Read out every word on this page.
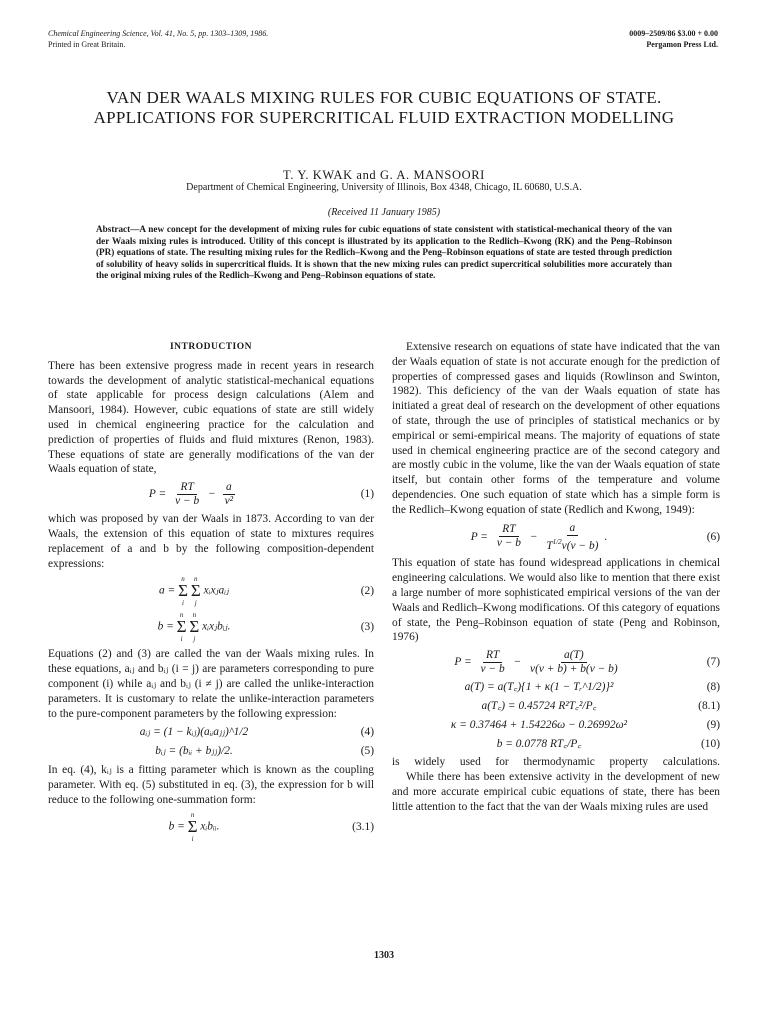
Chemical Engineering Science, Vol. 41, No. 5, pp. 1303–1309, 1986.
Printed in Great Britain.
0009–2509/86 $3.00 + 0.00
Pergamon Press Ltd.
VAN DER WAALS MIXING RULES FOR CUBIC EQUATIONS OF STATE. APPLICATIONS FOR SUPERCRITICAL FLUID EXTRACTION MODELLING
T. Y. KWAK and G. A. MANSOORI
Department of Chemical Engineering, University of Illinois, Box 4348, Chicago, IL 60680, U.S.A.
(Received 11 January 1985)
Abstract—A new concept for the development of mixing rules for cubic equations of state consistent with statistical-mechanical theory of the van der Waals mixing rules is introduced. Utility of this concept is illustrated by its application to the Redlich–Kwong (RK) and the Peng–Robinson (PR) equations of state. The resulting mixing rules for the Redlich–Kwong and the Peng–Robinson equations of state are tested through prediction of solubility of heavy solids in supercritical fluids. It is shown that the new mixing rules can predict supercritical solubilities more accurately than the original mixing rules of the Redlich–Kwong and Peng–Robinson equations of state.

INTRODUCTION

There has been extensive progress made in recent years in research towards the development of analytic statistical-mechanical equations of state applicable for process design calculations (Alem and Mansoori, 1984). However, cubic equations of state are still widely used in chemical engineering practice for the calculation and prediction of properties of fluids and fluid mixtures (Renon, 1983). These equations of state are generally modifications of the van der Waals equation of state,

$P = \frac{RT}{v - b} - \frac{a}{\text{v²}}$	(1)

which was proposed by van der Waals in 1873. According to van der Waals, the extension of this equation of state to mixtures requires replacement of a and b by the following composition-dependent expressions:

a =
n
Σ
i

n
Σ
j
xᵢxⱼaᵢⱼ	(2)
b =
n
Σ
i

n
Σ
j
xᵢxⱼbᵢⱼ.	(3)

Equations (2) and (3) are called the van der Waals mixing rules. In these equations, aᵢⱼ and bᵢⱼ (i = j) are parameters corresponding to pure component (i) while aᵢⱼ and bᵢⱼ (i ≠ j) are called the unlike-interaction parameters. It is customary to relate the unlike-interaction parameters to the pure-component parameters by the following expression:

aᵢⱼ = (1 − kᵢⱼ)(aᵢᵢaⱼⱼ)^1/2	(4)
bᵢⱼ = (bᵢᵢ + bⱼⱼ)/2.	(5)

In eq. (4), kᵢⱼ is a fitting parameter which is known as the coupling parameter. With eq. (5) substituted in eq. (3), the expression for b will reduce to the following one-summation form:

b =
n
Σ
i
xᵢbᵢᵢ.	(3.1)

Extensive research on equations of state have indicated that the van der Waals equation of state is not accurate enough for the prediction of properties of compressed gases and liquids (Rowlinson and Swinton, 1982). This deficiency of the van der Waals equation of state has initiated a great deal of research on the development of other equations of state, through the use of principles of statistical mechanics or by empirical or semi-empirical means. The majority of equations of state used in chemical engineering practice are of the second category and are mostly cubic in the volume, like the van der Waals equation of state itself, but contain other forms of the temperature and volume dependencies. One such equation of state which has a simple form is the Redlich–Kwong equation of state (Redlich and Kwong, 1949):

$P = \frac{RT}{v - b} - \frac{a}{T^{1/2}v(v - b)}$ .	(6)

This equation of state has found widespread applications in chemical engineering calculations. We would also like to mention that there exist a large number of more sophisticated empirical versions of the van der Waals and Redlich–Kwong modifications. Of this category of equations of state, the Peng–Robinson equation of state (Peng and Robinson, 1976)

$P = \frac{RT}{v - b} - \frac{a(T)}{v(v + b) + b(v - b)}$	(7)
a(T) = a(T꜀){1 + κ(1 − Tᵣ^1/2)}²	(8)
a(T꜀) = 0.45724 R²T꜀²/P꜀	(8.1)
κ = 0.37464 + 1.54226ω − 0.26992ω²	(9)
b = 0.0778 RT꜀/P꜀	(10)

is widely used for thermodynamic property calculations.

While there has been extensive activity in the development of new and more accurate empirical cubic equations of state, there has been little attention to the fact that the van der Waals mixing rules are used

1303
